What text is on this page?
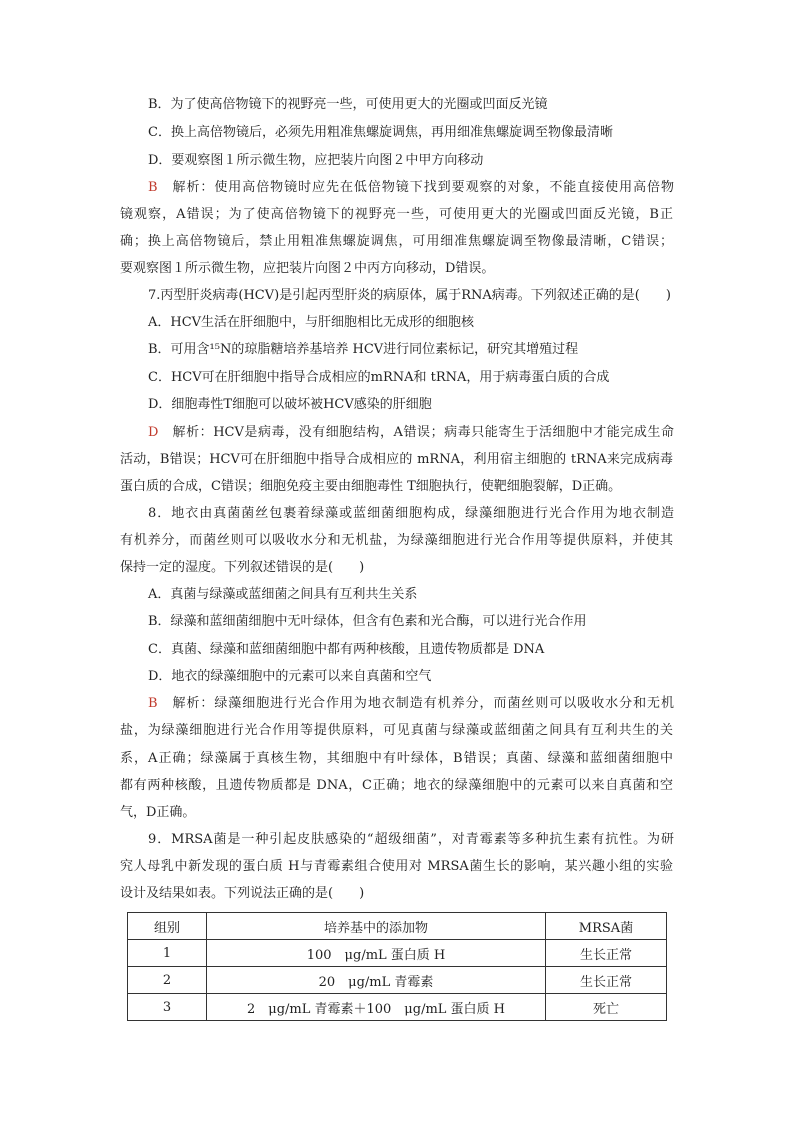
B．为了使高倍物镜下的视野亮一些，可使用更大的光圈或凹面反光镜
C．换上高倍物镜后，必须先用粗准焦螺旋调焦，再用细准焦螺旋调至物像最清晰
D．要观察图１所示微生物，应把装片向图２中甲方向移动
B　 解析：使用高倍物镜时应先在低倍物镜下找到要观察的对象，不能直接使用高倍物
镜观察，A错误；为了使高倍物镜下的视野亮一些，可使用更大的光圈或凹面反光镜，B正
确；换上高倍物镜后，禁止用粗准焦螺旋调焦，可用细准焦螺旋调至物像最清晰，C错误；
要观察图１所示微生物，应把装片向图２中丙方向移动，D错误。
7.丙型肝炎病毒(HCV)是引起丙型肝炎的病原体，属于RNA病毒。下列叙述正确的是(　　)
A．HCV生活在肝细胞中，与肝细胞相比无成形的细胞核
B．可用含¹⁵N的琼脂糖培养基培养 HCV进行同位素标记，研究其增殖过程
C．HCV可在肝细胞中指导合成相应的mRNA和 tRNA，用于病毒蛋白质的合成
D．细胞毒性T细胞可以破坏被HCV感染的肝细胞
D　 解析：HCV是病毒，没有细胞结构，A错误；病毒只能寄生于活细胞中才能完成生命
活动，B错误；HCV可在肝细胞中指导合成相应的 mRNA，利用宿主细胞的 tRNA来完成病毒
蛋白质的合成，C错误；细胞免疫主要由细胞毒性 T细胞执行，使靶细胞裂解，D正确。
8．地衣由真菌菌丝包裹着绿藻或蓝细菌细胞构成，绿藻细胞进行光合作用为地衣制造
有机养分，而菌丝则可以吸收水分和无机盐，为绿藻细胞进行光合作用等提供原料，并使其
保持一定的湿度。下列叙述错误的是(　　)
A．真菌与绿藻或蓝细菌之间具有互利共生关系
B．绿藻和蓝细菌细胞中无叶绿体，但含有色素和光合酶，可以进行光合作用
C．真菌、绿藻和蓝细菌细胞中都有两种核酸，且遗传物质都是 DNA
D．地衣的绿藻细胞中的元素可以来自真菌和空气
B　 解析：绿藻细胞进行光合作用为地衣制造有机养分，而菌丝则可以吸收水分和无机
盐，为绿藻细胞进行光合作用等提供原料，可见真菌与绿藻或蓝细菌之间具有互利共生的关
系，A正确；绿藻属于真核生物，其细胞中有叶绿体，B错误；真菌、绿藻和蓝细菌细胞中
都有两种核酸，且遗传物质都是 DNA，C正确；地衣的绿藻细胞中的元素可以来自真菌和空
气，D正确。
9．MRSA菌是一种引起皮肤感染的“超级细菌”，对青霉素等多种抗生素有抗性。为研
究人母乳中新发现的蛋白质 H与青霉素组合使用对 MRSA菌生长的影响，某兴趣小组的实验
设计及结果如表。下列说法正确的是(　　)
组别	培养基中的添加物	MRSA菌
1	100　μg/mL 蛋白质 H	生长正常
2	20　μg/mL 青霉素	生长正常
3	2　μg/mL 青霉素＋100　μg/mL 蛋白质 H	死亡
